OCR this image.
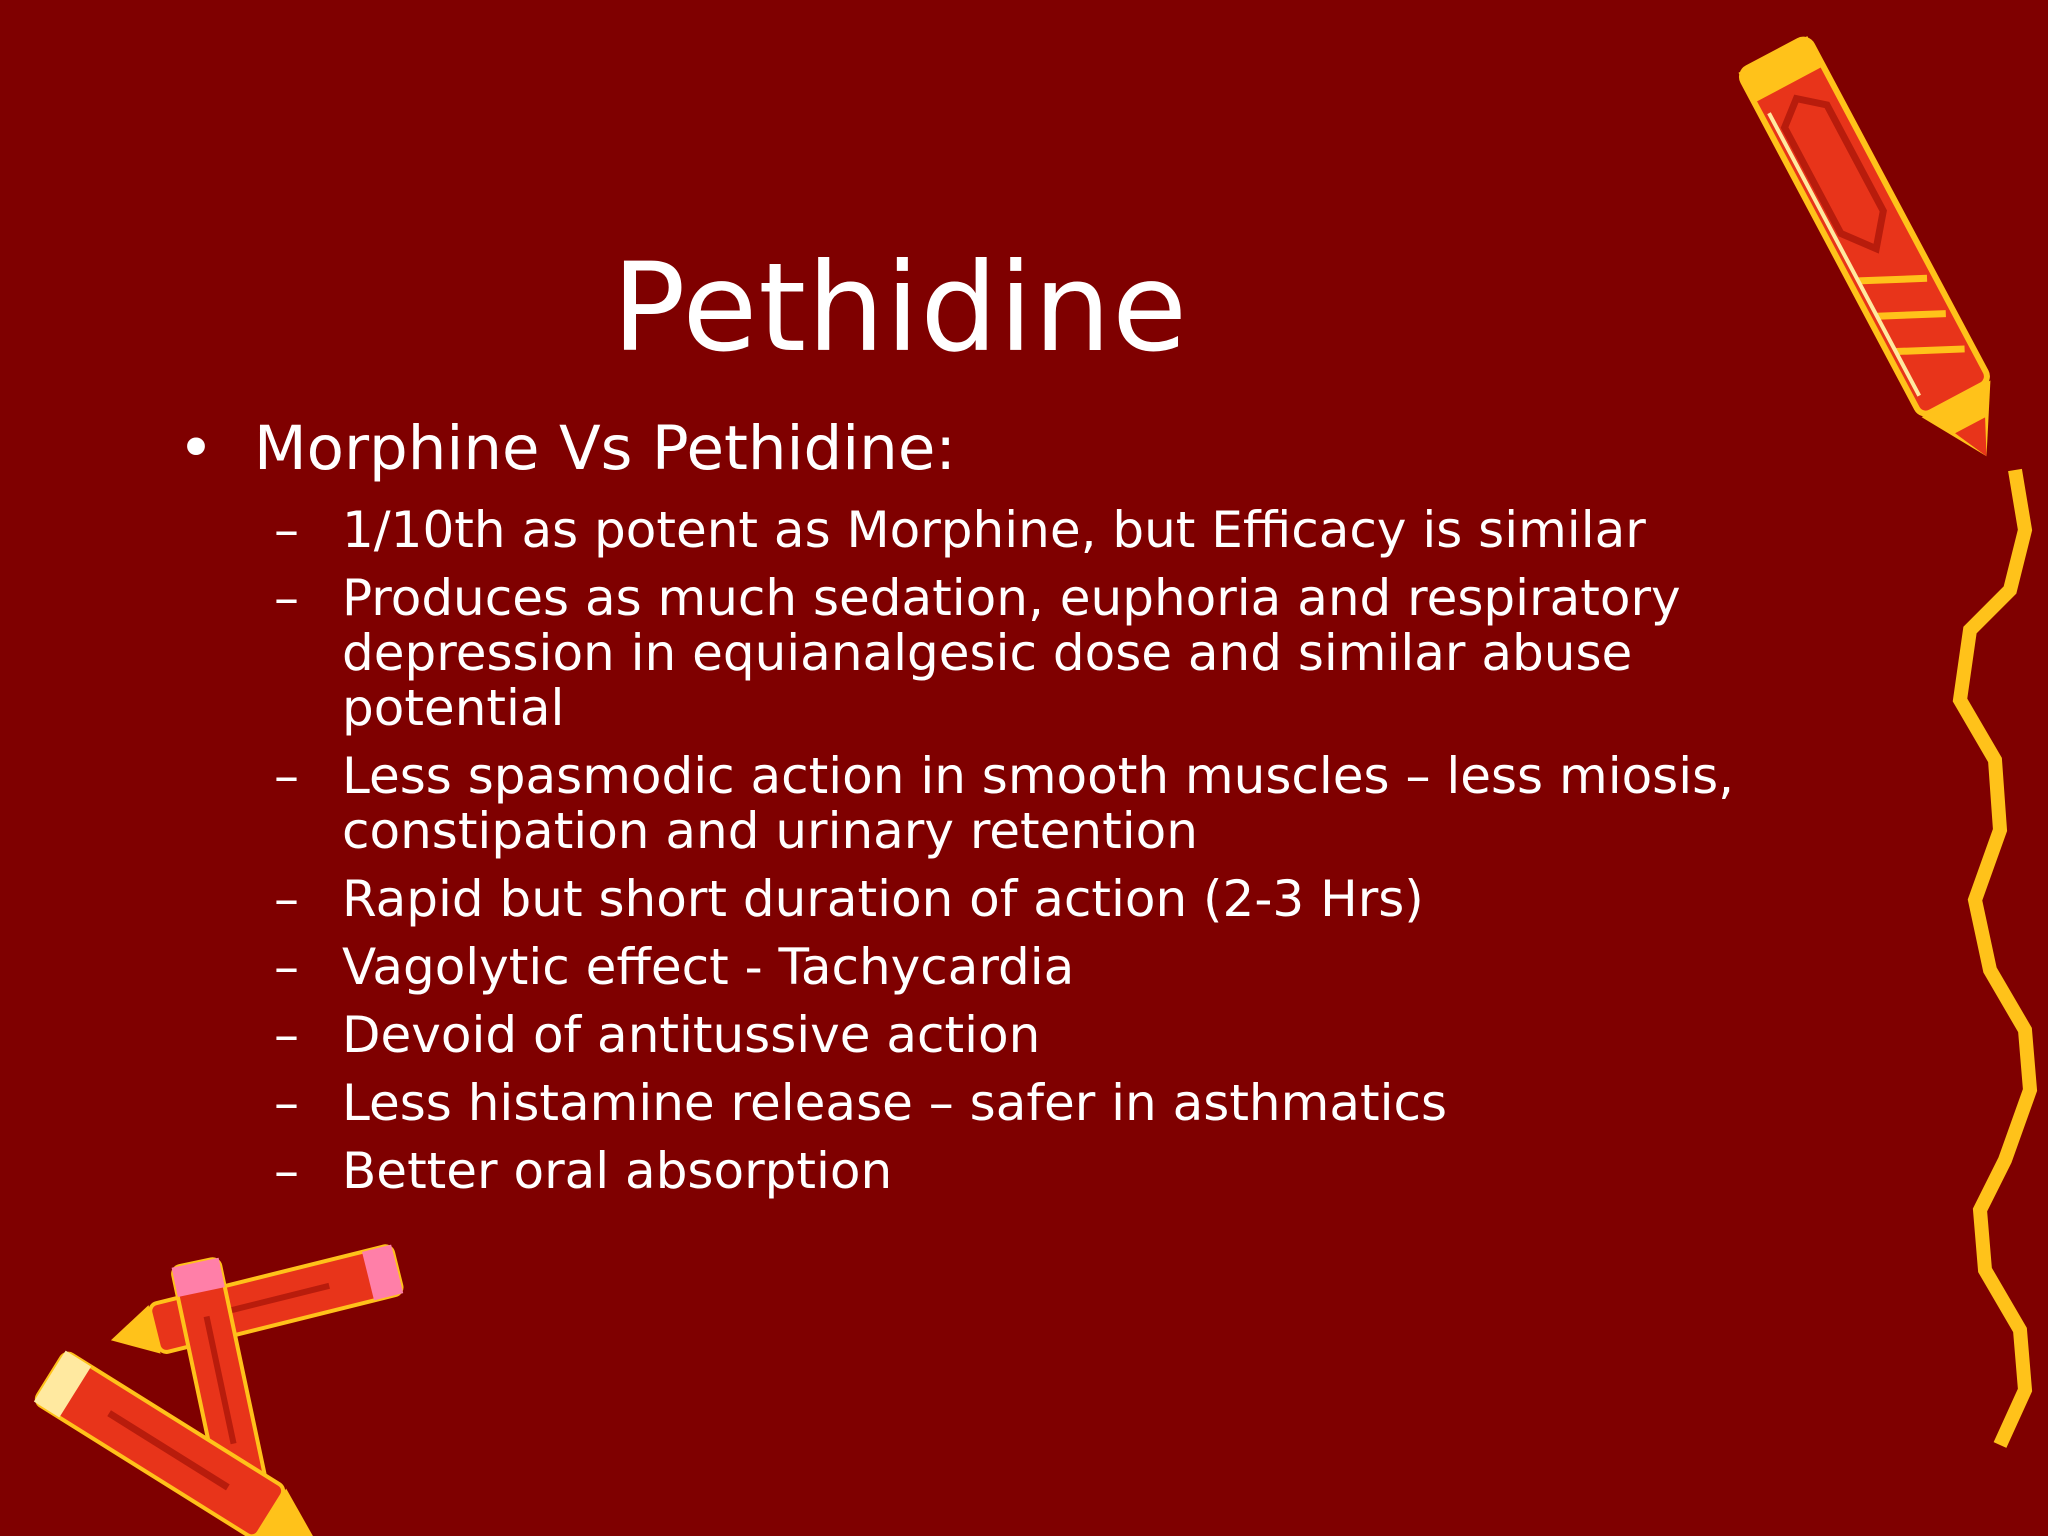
Pethidine
• Morphine Vs Pethidine:
– 1/10th as potent as Morphine, but Efficacy is similar
– Produces as much sedation, euphoria and respiratory depression in equianalgesic dose and similar abuse potential
– Less spasmodic action in smooth muscles – less miosis, constipation and urinary retention
– Rapid but short duration of action (2-3 Hrs)
– Vagolytic effect - Tachycardia
– Devoid of antitussive action
– Less histamine release – safer in asthmatics
– Better oral absorption
